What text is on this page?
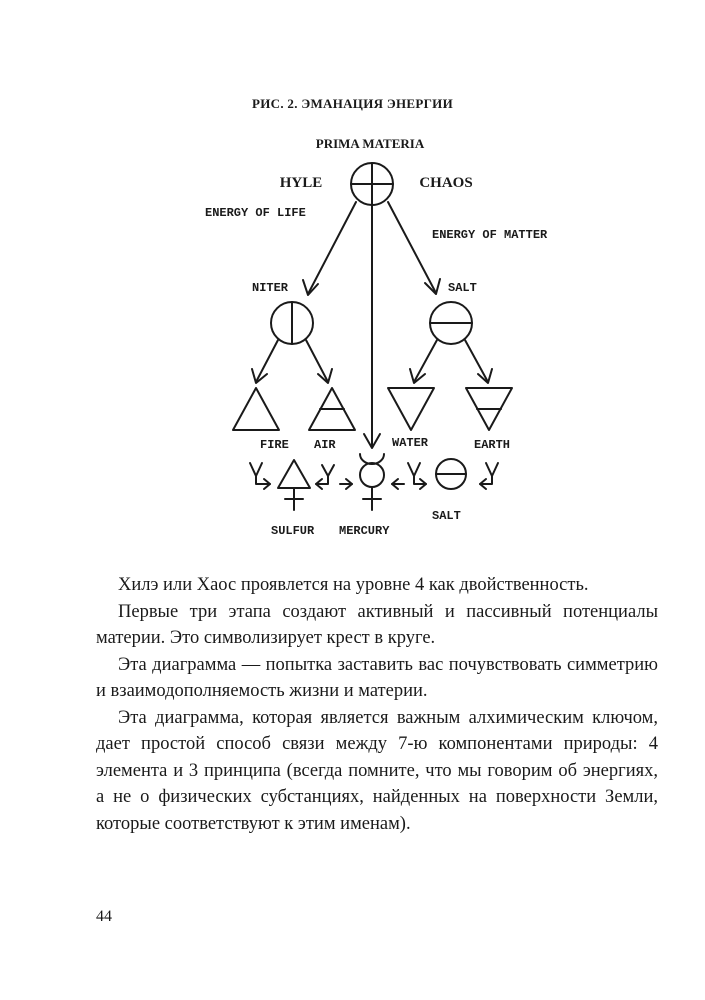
РИС. 2. ЭМАНАЦИЯ ЭНЕРГИИ
PRIMA MATERIA
HYLE	CHAOS
ENERGY OF LIFE
ENERGY OF MATTER
NITER	SALT
FIRE AIR	WATER	EARTH
SULFUR MERCURY
SALT

Хилэ или Хаос проявлется на уровне 4 как двойственность.

Первые три этапа создают активный и пассивный потенциалы материи. Это символизирует крест в круге.

Эта диаграмма — попытка заставить вас почувствовать симметрию и взаимодополняемость жизни и материи.

Эта диаграмма, которая является важным алхимическим ключом, дает простой способ связи между 7-ю компонентами природы: 4 элемента и 3 принципа (всегда помните, что мы говорим об энергиях, а не о физических субстанциях, найденных на поверхности Земли, которые соответствуют к этим именам).

44
